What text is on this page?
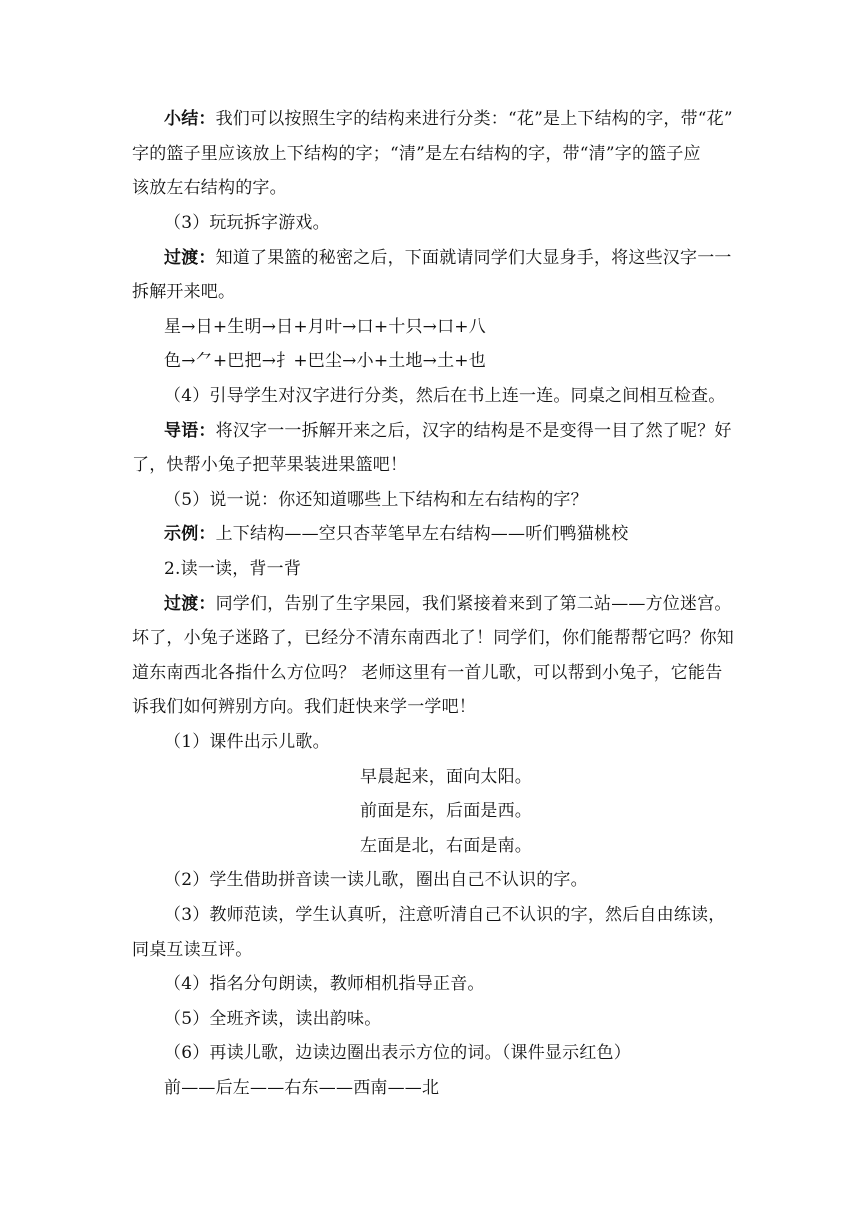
小结：我们可以按照生字的结构来进行分类：“花”是上下结构的字，带“花”
字的篮子里应该放上下结构的字；“清”是左右结构的字，带“清”字的篮子应
该放左右结构的字。
（3）玩玩拆字游戏。
过渡：知道了果篮的秘密之后，下面就请同学们大显身手，将这些汉字一一
拆解开来吧。
星→日+生明→日+月叶→口+十只→口+八
色→⺈+巴把→扌+巴尘→小+土地→土+也
（4）引导学生对汉字进行分类，然后在书上连一连。同桌之间相互检查。
导语：将汉字一一拆解开来之后，汉字的结构是不是变得一目了然了呢？好
了，快帮小兔子把苹果装进果篮吧！
（5）说一说：你还知道哪些上下结构和左右结构的字？
示例：上下结构——空只杏苹笔早左右结构——听们鸭猫桃校
2.读一读，背一背
过渡：同学们，告别了生字果园，我们紧接着来到了第二站——方位迷宫。
坏了，小兔子迷路了，已经分不清东南西北了！同学们，你们能帮帮它吗？你知
道东南西北各指什么方位吗？ 老师这里有一首儿歌，可以帮到小兔子，它能告
诉我们如何辨别方向。我们赶快来学一学吧！
（1）课件出示儿歌。
早晨起来，面向太阳。
前面是东，后面是西。
左面是北，右面是南。
（2）学生借助拼音读一读儿歌，圈出自己不认识的字。
（3）教师范读，学生认真听，注意听清自己不认识的字，然后自由练读，
同桌互读互评。
（4）指名分句朗读，教师相机指导正音。
（5）全班齐读，读出韵味。
（6）再读儿歌，边读边圈出表示方位的词。（课件显示红色）
前——后左——右东——西南——北
